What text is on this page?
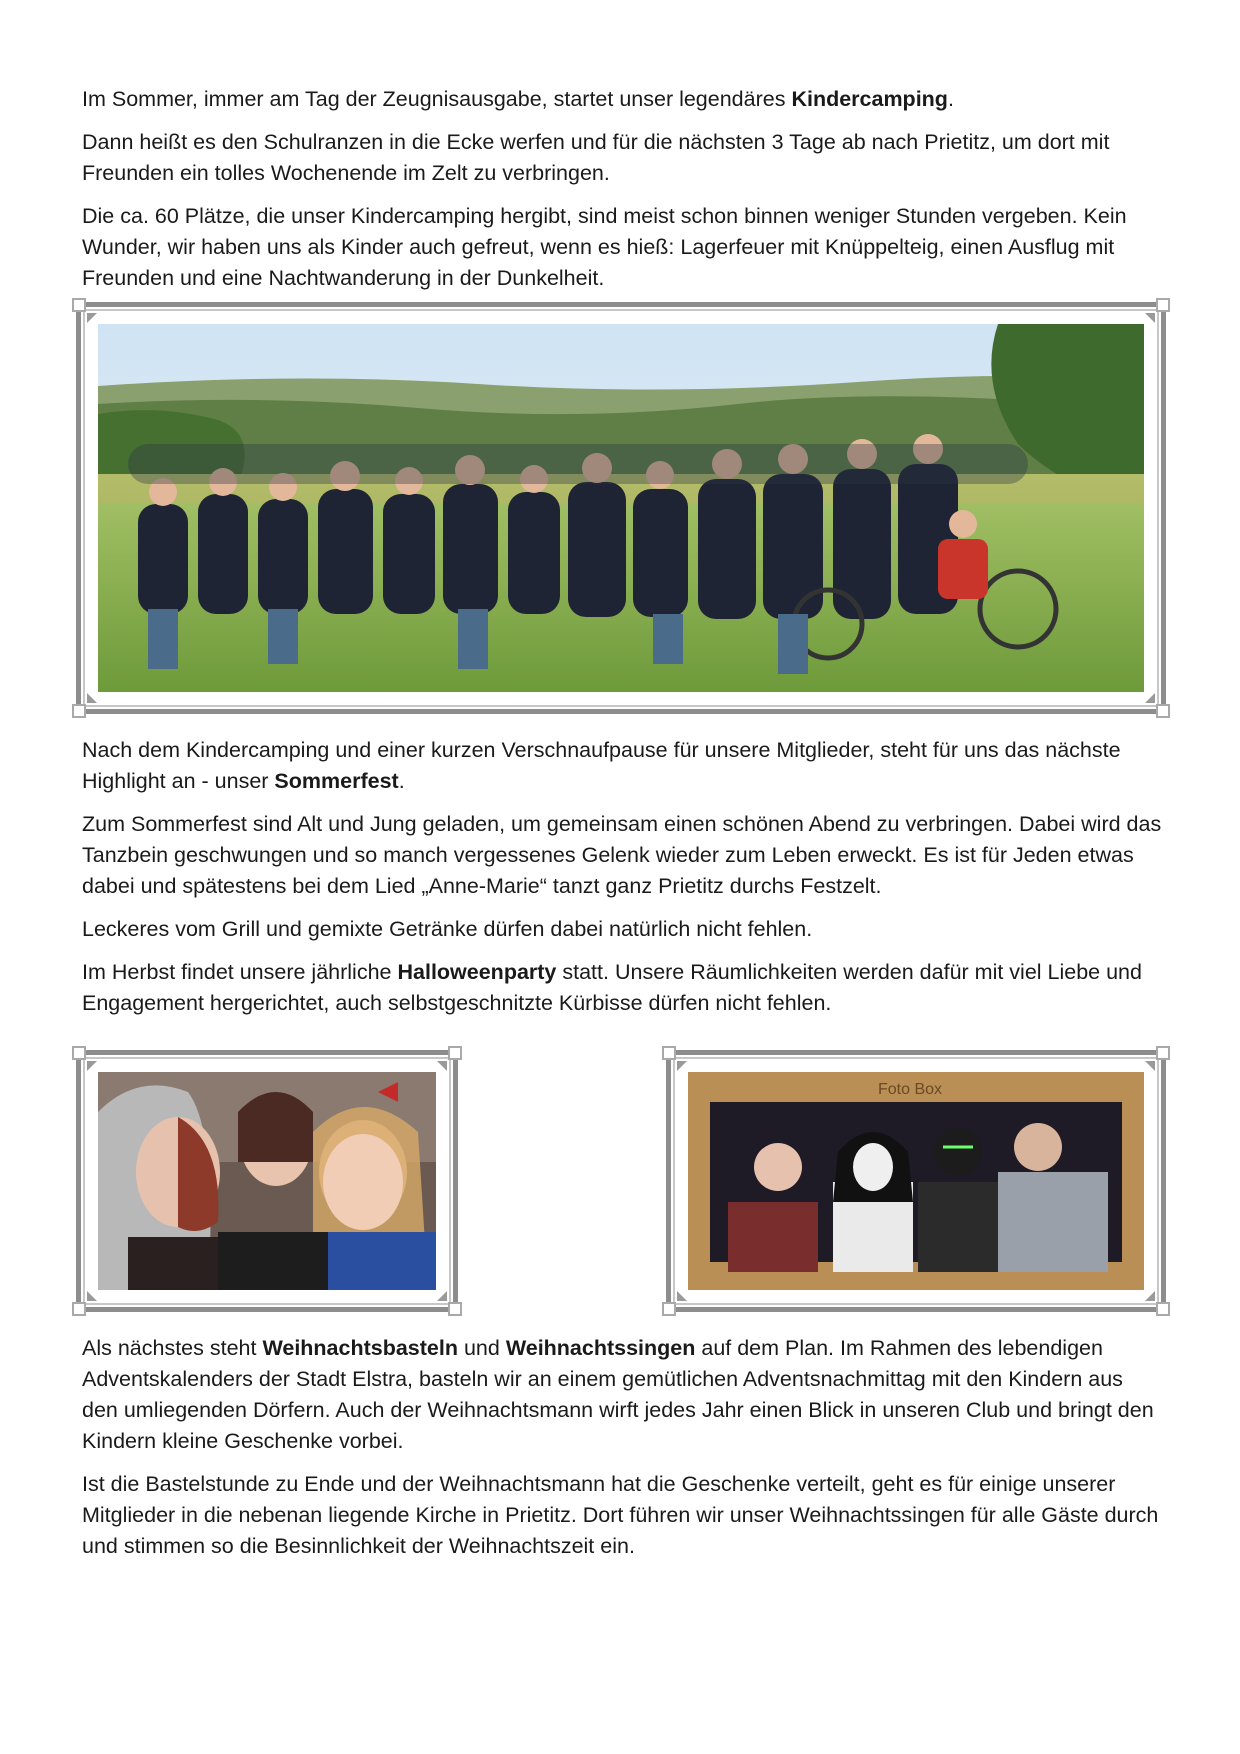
Im Sommer, immer am Tag der Zeugnisausgabe, startet unser legendäres Kindercamping.

Dann heißt es den Schulranzen in die Ecke werfen und für die nächsten 3 Tage ab nach Prietitz, um dort mit Freunden ein tolles Wochenende im Zelt zu verbringen.

Die ca. 60 Plätze, die unser Kindercamping hergibt, sind meist schon binnen weniger Stunden vergeben. Kein Wunder, wir haben uns als Kinder auch gefreut, wenn es hieß: Lagerfeuer mit Knüppelteig, einen Ausflug mit Freunden und eine Nachtwanderung in der Dunkelheit.

Nach dem Kindercamping und einer kurzen Verschnaufpause für unsere Mitglieder, steht für uns das nächste Highlight an - unser Sommerfest.

Zum Sommerfest sind Alt und Jung geladen, um gemeinsam einen schönen Abend zu verbringen. Dabei wird das Tanzbein geschwungen und so manch vergessenes Gelenk wieder zum Leben erweckt. Es ist für Jeden etwas dabei und spätestens bei dem Lied „Anne-Marie“ tanzt ganz Prietitz durchs Festzelt.

Leckeres vom Grill und gemixte Getränke dürfen dabei natürlich nicht fehlen.

Im Herbst findet unsere jährliche Halloweenparty statt. Unsere Räumlichkeiten werden dafür mit viel Liebe und Engagement hergerichtet, auch selbstgeschnitzte Kürbisse dürfen nicht fehlen.

Foto Box

Als nächstes steht Weihnachtsbasteln und Weihnachtssingen auf dem Plan. Im Rahmen des lebendigen Adventskalenders der Stadt Elstra, basteln wir an einem gemütlichen Adventsnachmittag mit den Kindern aus den umliegenden Dörfern. Auch der Weihnachtsmann wirft jedes Jahr einen Blick in unseren Club und bringt den Kindern kleine Geschenke vorbei.

Ist die Bastelstunde zu Ende und der Weihnachtsmann hat die Geschenke verteilt, geht es für einige unserer Mitglieder in die nebenan liegende Kirche in Prietitz. Dort führen wir unser Weihnachtssingen für alle Gäste durch und stimmen so die Besinnlichkeit der Weihnachtszeit ein.
